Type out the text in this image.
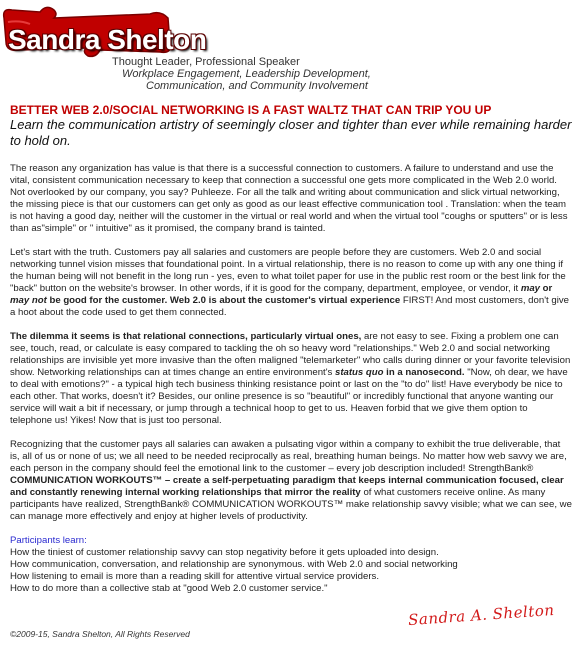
Sandra Shelton
Thought Leader, Professional Speaker
Workplace Engagement, Leadership Development,
Communication, and Community Involvement
BETTER WEB 2.0/SOCIAL NETWORKING IS A FAST WALTZ THAT CAN TRIP YOU UP

Learn the communication artistry of seemingly closer and tighter than ever while remaining harder to hold on.

The reason any organization has value is that there is a successful connection to customers. A failure to understand and use the vital, consistent communication necessary to keep that connection a successful one gets more complicated in the Web 2.0 world. Not overlooked by our company, you say? Puhleeze. For all the talk and writing about communication and slick virtual networking, the missing piece is that our customers can get only as good as our least effective communication tool . Translation: when the team is not having a good day, neither will the customer in the virtual or real world and when the virtual tool "coughs or sputters" or is less than as"simple" or " intuitive" as it promised, the company brand is tainted.

Let's start with the truth. Customers pay all salaries and customers are people before they are customers. Web 2.0 and social networking tunnel vision misses that foundational point. In a virtual relationship, there is no reason to come up with any one thing if the human being will not benefit in the long run - yes, even to what toilet paper for use in the public rest room or the best link for the "back" button on the website's browser. In other words, if it is good for the company, department, employee, or vendor, it may or may not be good for the customer. Web 2.0 is about the customer's virtual experience FIRST! And most customers, don't give a hoot about the code used to get them connected.

The dilemma it seems is that relational connections, particularly virtual ones, are not easy to see. Fixing a problem one can see, touch, read, or calculate is easy compared to tackling the oh so heavy word "relationships." Web 2.0 and social networking relationships are invisible yet more invasive than the often maligned "telemarketer" who calls during dinner or your favorite television show. Networking relationships can at times change an entire environment's status quo in a nanosecond. "Now, oh dear, we have to deal with emotions?" - a typical high tech business thinking resistance point or last on the "to do" list! Have everybody be nice to each other. That works, doesn't it? Besides, our online presence is so "beautiful" or incredibly functional that anyone wanting our service will wait a bit if necessary, or jump through a technical hoop to get to us. Heaven forbid that we give them option to telephone us! Yikes! Now that is just too personal.

Recognizing that the customer pays all salaries can awaken a pulsating vigor within a company to exhibit the true deliverable, that is, all of us or none of us; we all need to be needed reciprocally as real, breathing human beings. No matter how web savvy we are, each person in the company should feel the emotional link to the customer – every job description included! StrengthBank® COMMUNICATION WORKOUTS™ – create a self-perpetuating paradigm that keeps internal communication focused, clear and constantly renewing internal working relationships that mirror the reality of what customers receive online. As many participants have realized, StrengthBank® COMMUNICATION WORKOUTS™ make relationship savvy visible; what we can see, we can manage more effectively and enjoy at higher levels of productivity.

Participants learn:

How the tiniest of customer relationship savvy can stop negativity before it gets uploaded into design.
How communication, conversation, and relationship are synonymous. with Web 2.0 and social networking
How listening to email is more than a reading skill for attentive virtual service providers.
How to do more than a collective stab at "good Web 2.0 customer service."
©2009-15, Sandra Shelton, All Rights Reserved
Sandra A. Shelton
